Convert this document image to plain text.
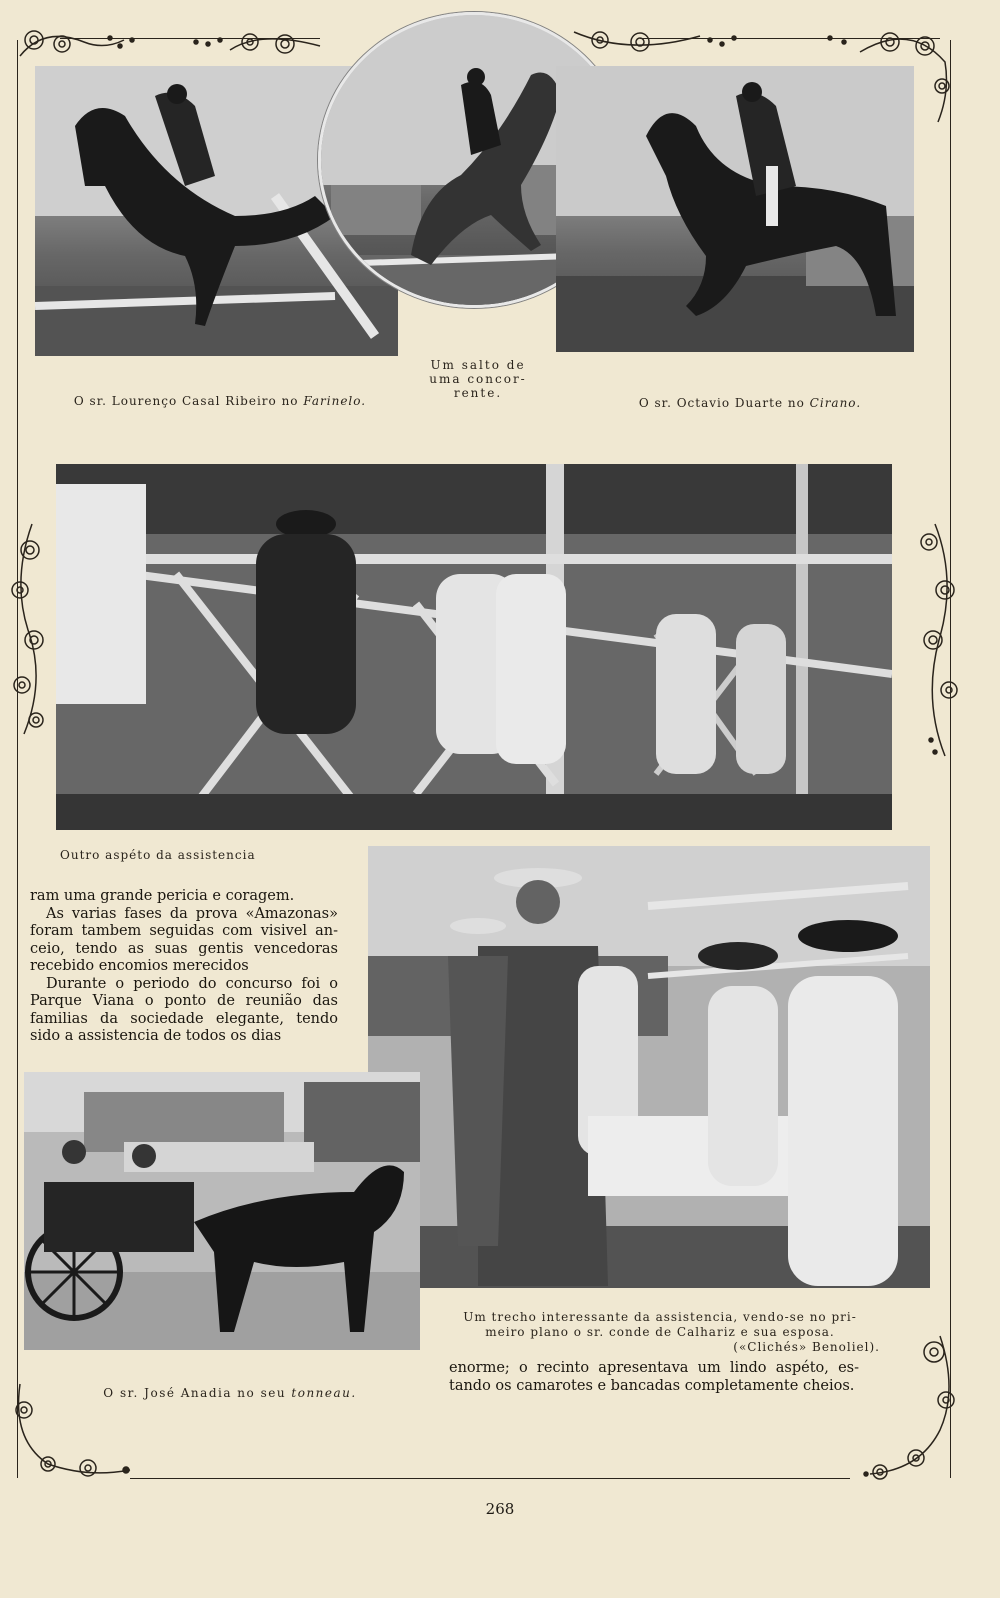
O sr. Lourenço Casal Ribeiro no Farinelo.
Um salto de uma concor- rente.
O sr. Octavio Duarte no Cirano.
Outro aspéto da assistencia

ram uma grande pericia e coragem.

As varias fases da prova «Amazonas» foram tambem seguidas com visivel an- ceio, tendo as suas gentis vencedoras recebido encomios merecidos

Durante o periodo do concurso foi o Parque Viana o ponto de reunião das familias da sociedade elegante, tendo sido a assistencia de todos os dias

Um trecho interessante da assistencia, vendo-se no pri-
meiro plano o sr. conde de Calhariz e sua esposa.
(«Clichés» Benoliel).
O sr. José Anadia no seu tonneau.
enorme; o recinto apresentava um lindo aspéto, es- tando os camarotes e bancadas completamente cheios.
268
